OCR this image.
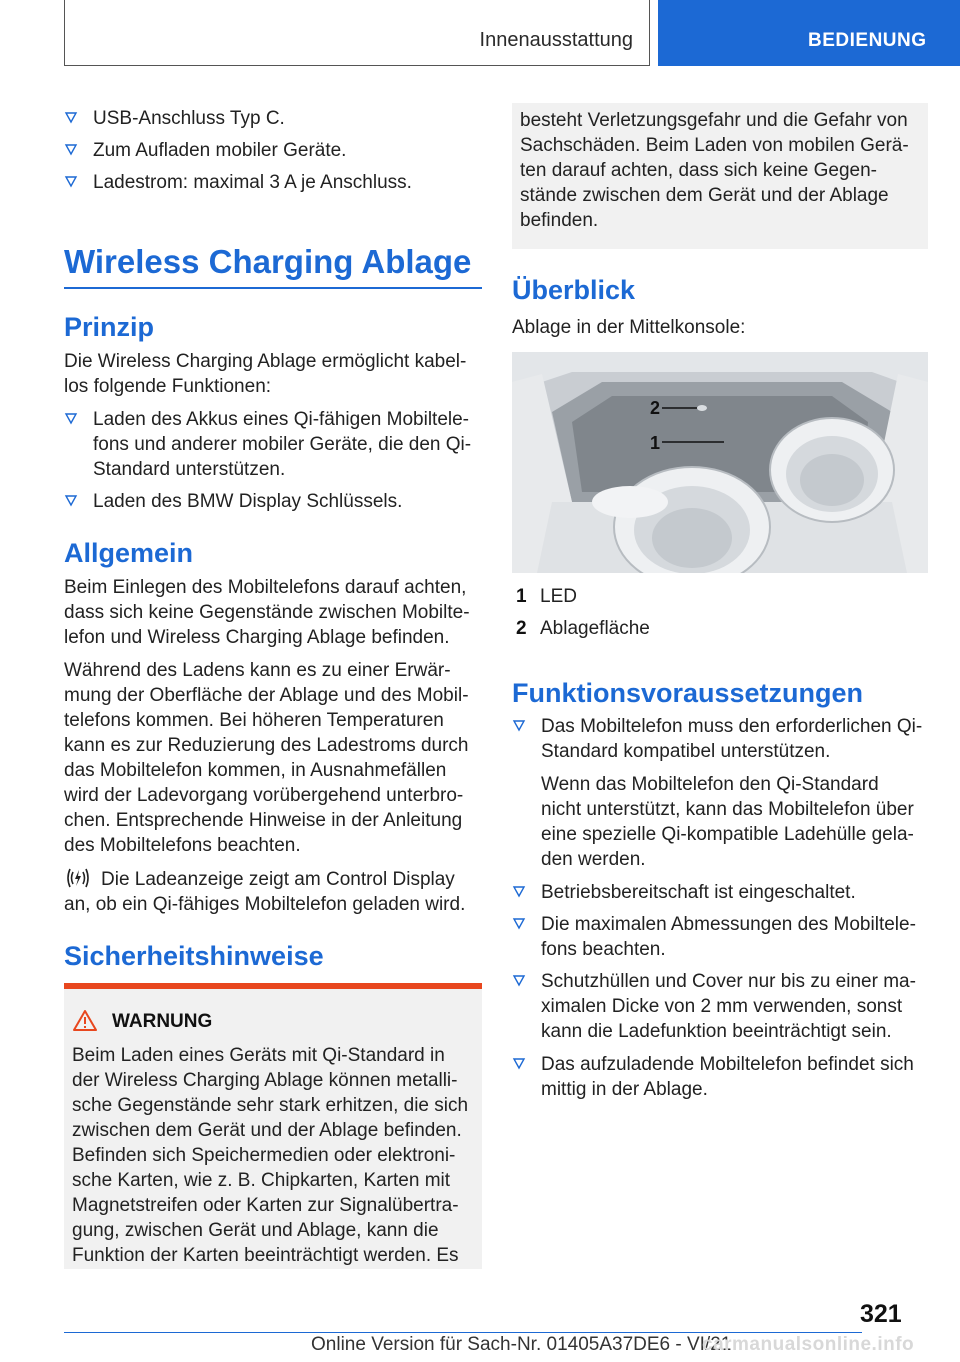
Innenausstattung	BEDIENUNG
USB-Anschluss Typ C.
Zum Aufladen mobiler Geräte.
Ladestrom: maximal 3 A je Anschluss.
Wireless Charging Ablage
Prinzip
Die Wireless Charging Ablage ermöglicht kabel-
los folgende Funktionen:
Laden des Akkus eines Qi-fähigen Mobiltele-
fons und anderer mobiler Geräte, die den Qi-
Standard unterstützen.
Laden des BMW Display Schlüssels.
Allgemein
Beim Einlegen des Mobiltelefons darauf achten,
dass sich keine Gegenstände zwischen Mobilte-
lefon und Wireless Charging Ablage befinden.
Während des Ladens kann es zu einer Erwär-
mung der Oberfläche der Ablage und des Mobil-
telefons kommen. Bei höheren Temperaturen
kann es zur Reduzierung des Ladestroms durch
das Mobiltelefon kommen, in Ausnahmefällen
wird der Ladevorgang vorübergehend unterbro-
chen. Entsprechende Hinweise in der Anleitung
des Mobiltelefons beachten.
Die Ladeanzeige zeigt am Control Display
an, ob ein Qi-fähiges Mobiltelefon geladen wird.
Sicherheitshinweise
WARNUNG
Beim Laden eines Geräts mit Qi-Standard in
der Wireless Charging Ablage können metalli-
sche Gegenstände sehr stark erhitzen, die sich
zwischen dem Gerät und der Ablage befinden.
Befinden sich Speichermedien oder elektroni-
sche Karten, wie z. B. Chipkarten, Karten mit
Magnetstreifen oder Karten zur Signalübertra-
gung, zwischen Gerät und Ablage, kann die
Funktion der Karten beeinträchtigt werden. Es
besteht Verletzungsgefahr und die Gefahr von
Sachschäden. Beim Laden von mobilen Gerä-
ten darauf achten, dass sich keine Gegen-
stände zwischen dem Gerät und der Ablage
befinden.
Überblick
Ablage in der Mittelkonsole:
2
1
1 LED
2 Ablagefläche
Funktionsvoraussetzungen
Das Mobiltelefon muss den erforderlichen Qi-
Standard kompatibel unterstützen.
Wenn das Mobiltelefon den Qi-Standard
nicht unterstützt, kann das Mobiltelefon über
eine spezielle Qi-kompatible Ladehülle gela-
den werden.
Betriebsbereitschaft ist eingeschaltet.
Die maximalen Abmessungen des Mobiltele-
fons beachten.
Schutzhüllen und Cover nur bis zu einer ma-
ximalen Dicke von 2 mm verwenden, sonst
kann die Ladefunktion beeinträchtigt sein.
Das aufzuladende Mobiltelefon befindet sich
mittig in der Ablage.
321
Online Version für Sach-Nr. 01405A37DE6 - VI/21
carmanualsonline.info
